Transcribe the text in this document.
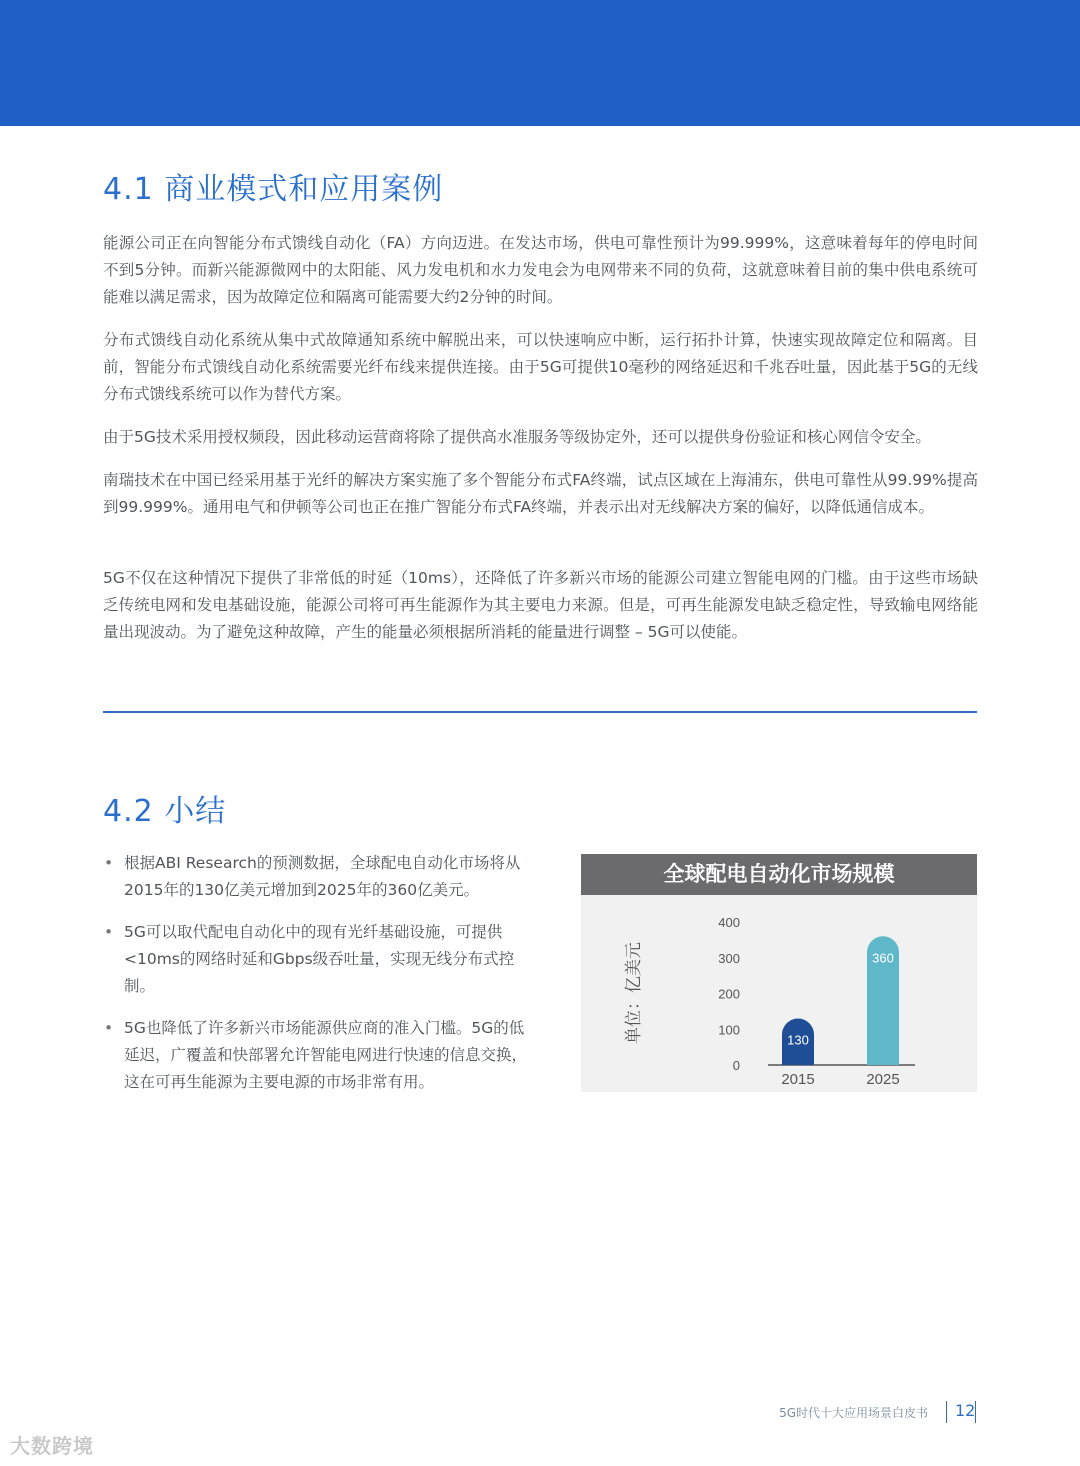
4.1 商业模式和应用案例

能源公司正在向智能分布式馈线自动化（FA）方向迈进。在发达市场，供电可靠性预计为99.999%，这意味着每年的停电时间不到5分钟。而新兴能源微网中的太阳能、风力发电机和水力发电会为电网带来不同的负荷，这就意味着目前的集中供电系统可能难以满足需求，因为故障定位和隔离可能需要大约2分钟的时间。

分布式馈线自动化系统从集中式故障通知系统中解脱出来，可以快速响应中断，运行拓扑计算，快速实现故障定位和隔离。目前，智能分布式馈线自动化系统需要光纤布线来提供连接。由于5G可提供10毫秒的网络延迟和千兆吞吐量，因此基于5G的无线分布式馈线系统可以作为替代方案。

由于5G技术采用授权频段，因此移动运营商将除了提供高水准服务等级协定外，还可以提供身份验证和核心网信令安全。

南瑞技术在中国已经采用基于光纤的解决方案实施了多个智能分布式FA终端，试点区域在上海浦东，供电可靠性从99.99%提高到99.999%。通用电气和伊顿等公司也正在推广智能分布式FA终端，并表示出对无线解决方案的偏好，以降低通信成本。

5G不仅在这种情况下提供了非常低的时延（10ms），还降低了许多新兴市场的能源公司建立智能电网的门槛。由于这些市场缺乏传统电网和发电基础设施，能源公司将可再生能源作为其主要电力来源。但是，可再生能源发电缺乏稳定性，导致输电网络能量出现波动。为了避免这种故障，产生的能量必须根据所消耗的能量进行调整 – 5G可以使能。

4.2 小结
• 根据ABI Research的预测数据，全球配电自动化市场将从2015年的130亿美元增加到2025年的360亿美元。
• 5G可以取代配电自动化中的现有光纤基础设施，可提供<10ms的网络时延和Gbps级吞吐量，实现无线分布式控制。
• 5G也降低了许多新兴市场能源供应商的准入门槛。5G的低延迟，广覆盖和快部署允许智能电网进行快速的信息交换，这在可再生能源为主要电源的市场非常有用。
全球配电自动化市场规模
0
100
200
300
400
单位：亿美元	130
2015
360
2025
5G时代十大应用场景白皮书 12
大数跨境
